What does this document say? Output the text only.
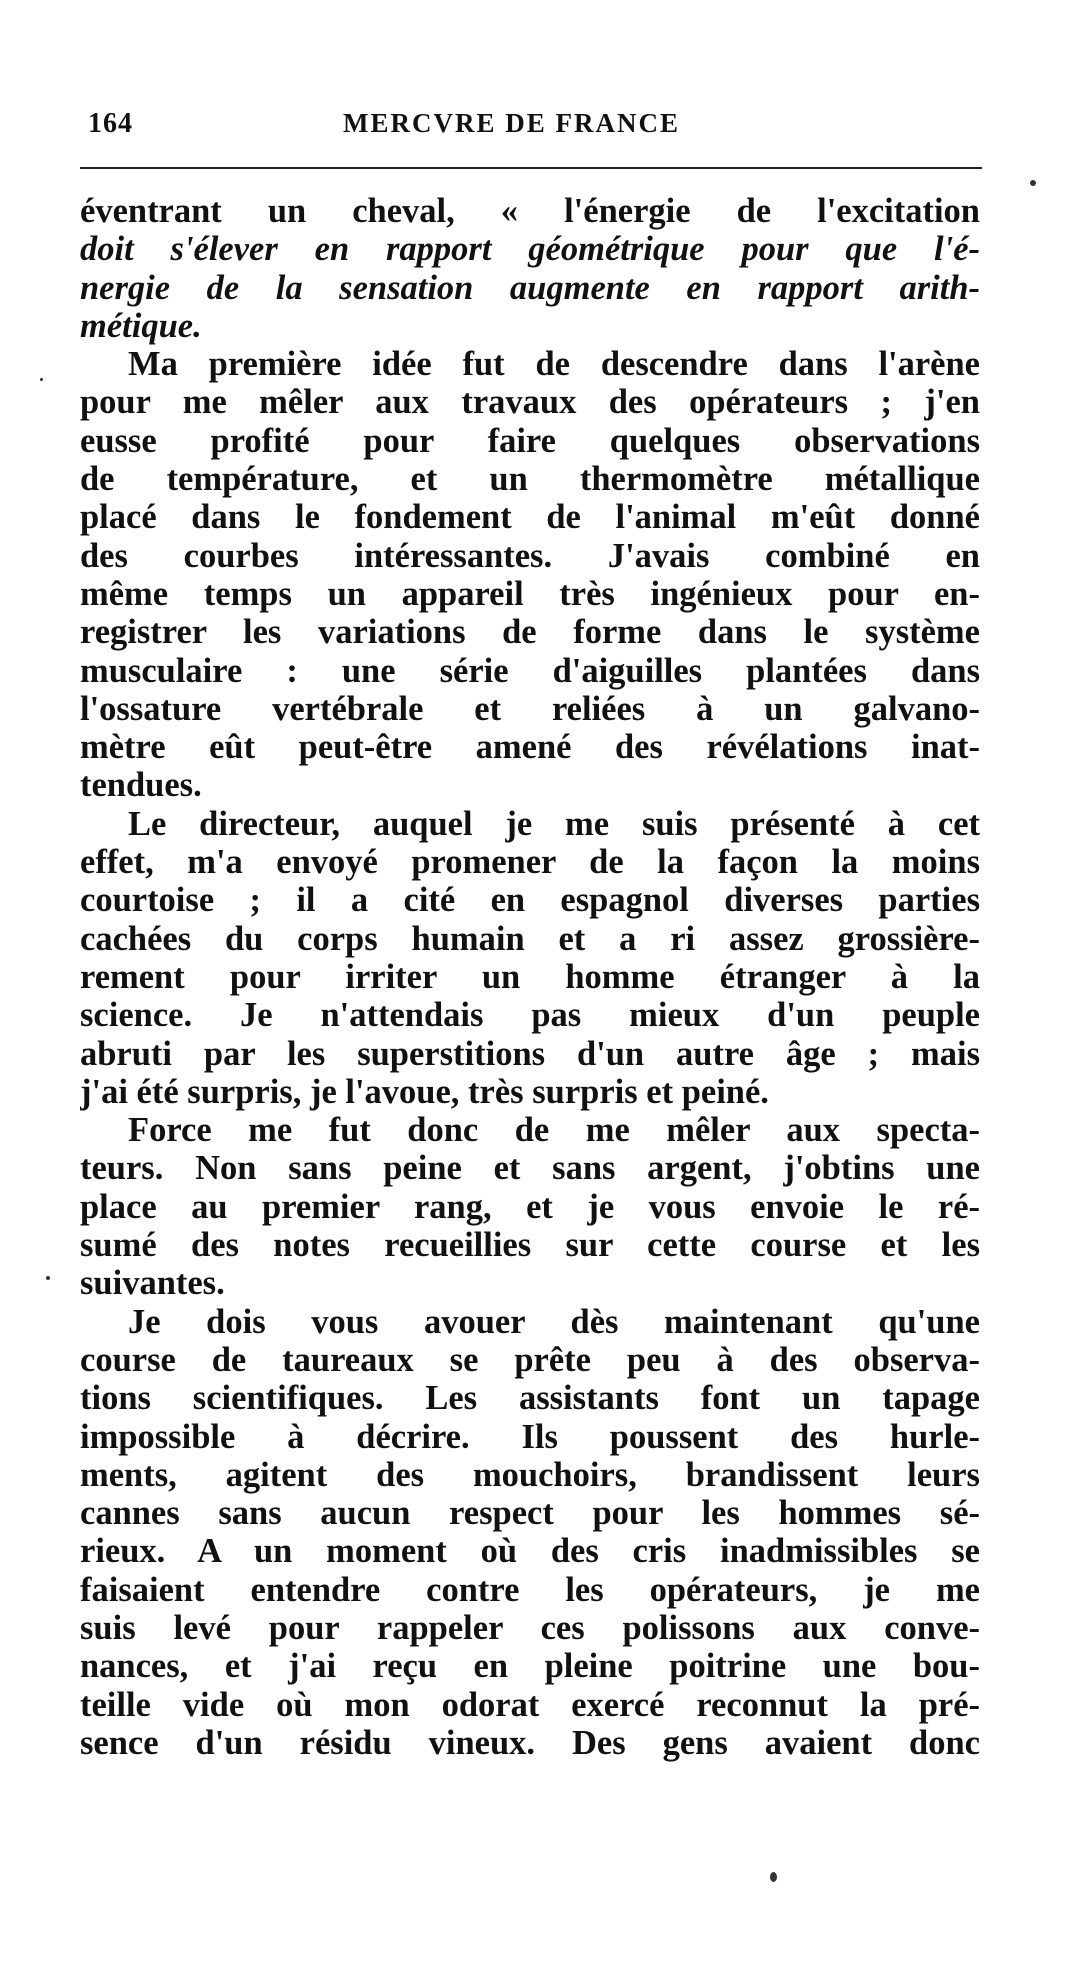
164	MERCVRE DE FRANCE
éventrant un cheval, « l'énergie de l'excitation
doit s'élever en rapport géométrique pour que l'é-
nergie de la sensation augmente en rapport arith-
métique.
Ma première idée fut de descendre dans l'arène
pour me mêler aux travaux des opérateurs ; j'en
eusse profité pour faire quelques observations
de température, et un thermomètre métallique
placé dans le fondement de l'animal m'eût donné
des courbes intéressantes. J'avais combiné en
même temps un appareil très ingénieux pour en-
registrer les variations de forme dans le système
musculaire : une série d'aiguilles plantées dans
l'ossature vertébrale et reliées à un galvano-
mètre eût peut-être amené des révélations inat-
tendues.
Le directeur, auquel je me suis présenté à cet
effet, m'a envoyé promener de la façon la moins
courtoise ; il a cité en espagnol diverses parties
cachées du corps humain et a ri assez grossière-
rement pour irriter un homme étranger à la
science. Je n'attendais pas mieux d'un peuple
abruti par les superstitions d'un autre âge ; mais
j'ai été surpris, je l'avoue, très surpris et peiné.
Force me fut donc de me mêler aux specta-
teurs. Non sans peine et sans argent, j'obtins une
place au premier rang, et je vous envoie le ré-
sumé des notes recueillies sur cette course et les
suivantes.
Je dois vous avouer dès maintenant qu'une
course de taureaux se prête peu à des observa-
tions scientifiques. Les assistants font un tapage
impossible à décrire. Ils poussent des hurle-
ments, agitent des mouchoirs, brandissent leurs
cannes sans aucun respect pour les hommes sé-
rieux. A un moment où des cris inadmissibles se
faisaient entendre contre les opérateurs, je me
suis levé pour rappeler ces polissons aux conve-
nances, et j'ai reçu en pleine poitrine une bou-
teille vide où mon odorat exercé reconnut la pré-
sence d'un résidu vineux. Des gens avaient donc
